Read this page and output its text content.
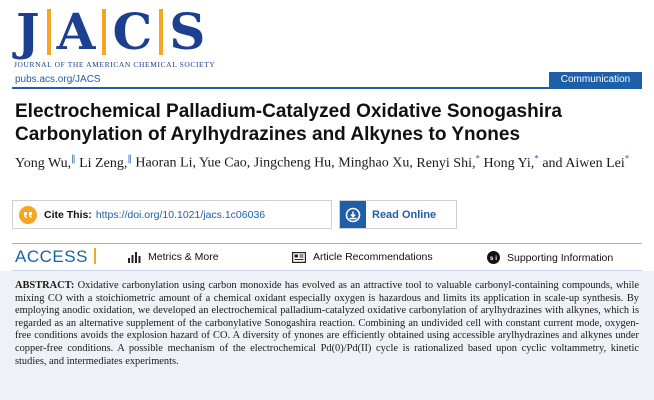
J A C S
JOURNAL OF THE AMERICAN CHEMICAL SOCIETY
pubs.acs.org/JACS	Communication
Electrochemical Palladium-Catalyzed Oxidative Sonogashira Carbonylation of Arylhydrazines and Alkynes to Ynones
Yong Wu,∥ Li Zeng,∥ Haoran Li, Yue Cao, Jingcheng Hu, Minghao Xu, Renyi Shi,* Hong Yi,* and Aiwen Lei*
Cite This: https://doi.org/10.1021/jacs.1c06036	Read Online
ACCESS	Metrics & More	Article Recommendations	s i Supporting Information

ABSTRACT: Oxidative carbonylation using carbon monoxide has evolved as an attractive tool to valuable carbonyl-containing compounds, while mixing CO with a stoichiometric amount of a chemical oxidant especially oxygen is hazardous and limits its application in scale-up synthesis. By employing anodic oxidation, we developed an electrochemical palladium-catalyzed oxidative carbonylation of arylhydrazines with alkynes, which is regarded as an alternative supplement of the carbonylative Sonogashira reaction. Combining an undivided cell with constant current mode, oxygen-free conditions avoids the explosion hazard of CO. A diversity of ynones are efficiently obtained using accessible arylhydrazines and alkynes under copper-free conditions. A possible mechanism of the electrochemical Pd(0)/Pd(II) cycle is rationalized based upon cyclic voltammetry, kinetic studies, and intermediates experiments.
